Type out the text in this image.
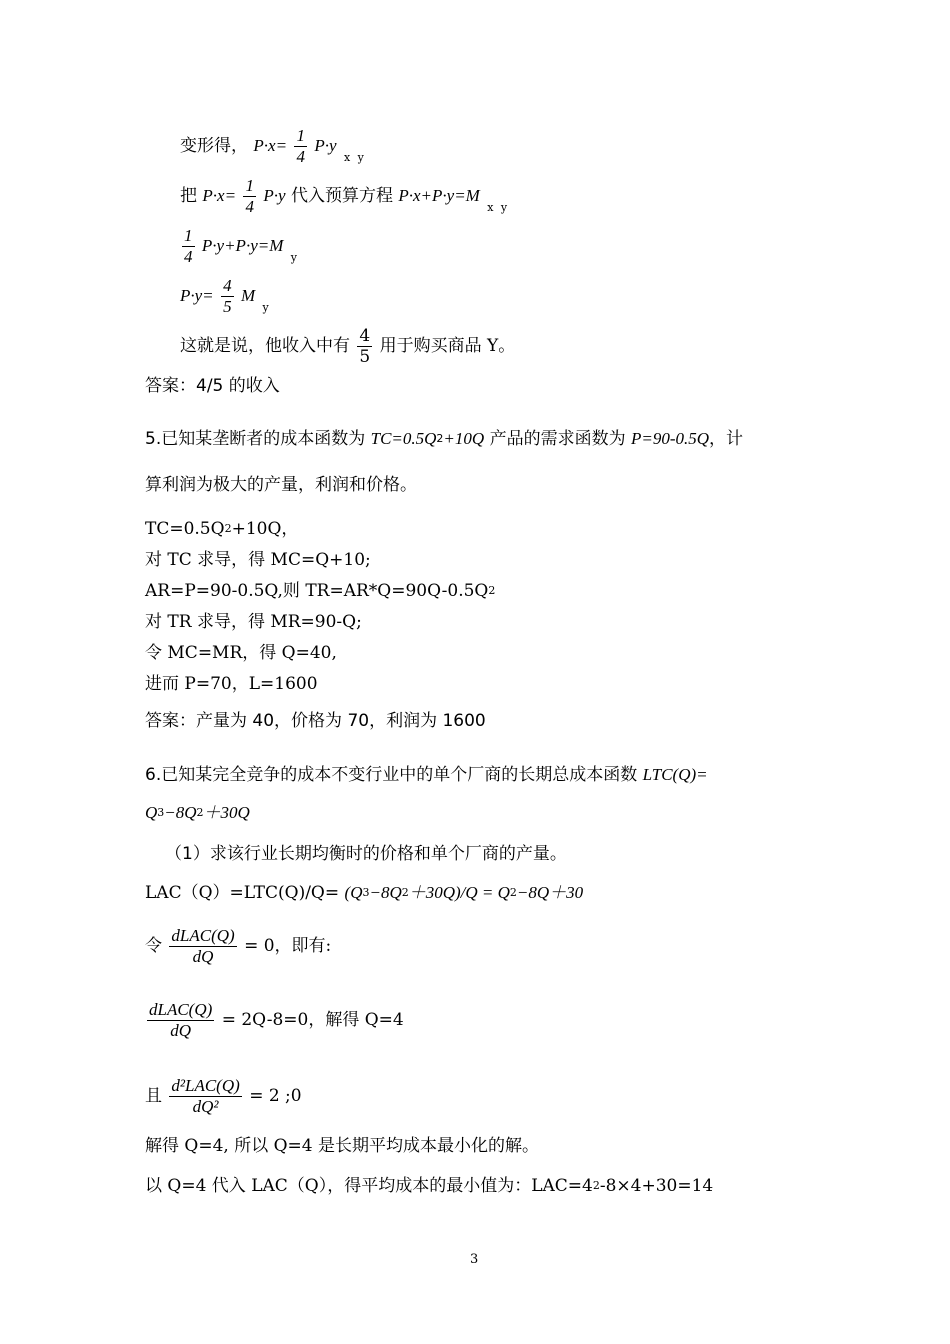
变形得， $P\cdot x= \frac{1}{4} P\cdot y$ $_x$ $_y$
把 $P\cdot x= \frac{1}{4} P\cdot y$ 代入预算方程 P·x+P·y=M $_x$ $_y$
$\frac{1}{4} P\cdot y+P\cdot y=M$ $_y$
$P\cdot y= \frac{4}{5}$ M $_y$
这就是说，他收入中有 $\frac{4}{5}$ 用于购买商品 Y。
答案：4/5 的收入
5.已知某垄断者的成本函数为 TC=0.5Q2+10Q 产品的需求函数为 P=90-0.5Q，计
算利润为极大的产量，利润和价格。
TC=0.5Q2+10Q，
对 TC 求导，得 MC=Q+10;
AR=P=90-0.5Q,则 TR=AR*Q=90Q-0.5Q2
对 TR 求导，得 MR=90-Q;
令 MC=MR，得 Q=40,
进而 P=70，L=1600
答案：产量为 40，价格为 70，利润为 1600
6.已知某完全竞争的成本不变行业中的单个厂商的长期总成本函数 LTC(Q)=
Q3−8Q2＋30Q
（1）求该行业长期均衡时的价格和单个厂商的产量。
LAC（Q）=LTC(Q)/Q= (Q3−8Q2＋30Q)/Q = Q2−8Q＋30
令 $\frac{\text{dLAC(Q)}}{dQ} = 0$，即有:
$\frac{\text{dLAC(Q)}}{dQ} = 2Q-8=0$，解得 Q=4
且 $\frac{\text{d²LAC(Q)}}{\text{dQ²}} = 2$ ;0
解得 Q=4, 所以 Q=4 是长期平均成本最小化的解。
以 Q=4 代入 LAC（Q），得平均成本的最小值为：LAC=42-8×4+30=14
3
